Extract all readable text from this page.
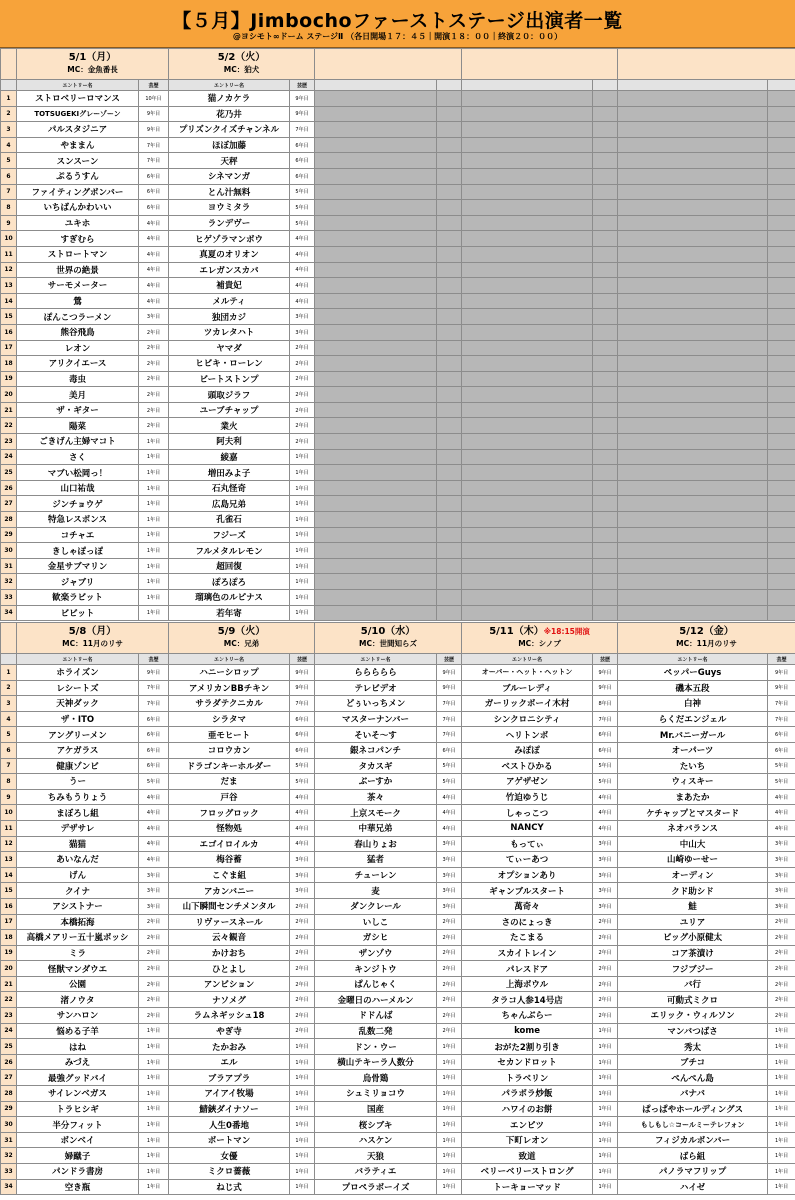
【５月】Jimbochoファーストステージ出演者一覧
@ヨシモト∞ドーム ステージⅡ （各日開場１７：４５｜開演１８：００｜終演２０：００）

	5/1（月）
MC：金魚番長		5/2（火）
MC：狛犬							

	エントリー名	芸歴	エントリー名	芸歴						
1	ストロベリーロマンス	10年目	猫ノカケラ	9年目						
2	TOTSUGEKIグレーゾーン	9年目	花乃井	9年目						
3	パルスタジニア	9年目	プリズンクイズチャンネル	7年目						
4	やままん	7年目	ほぼ加藤	6年目						
5	スンスーン	7年目	天秤	6年目						
6	ぷるうすん	6年目	シネマンガ	6年目						
7	ファイティングボンバー	6年目	とん汁無料	5年目						
8	いちばんかわいい	6年目	ヨウミタラ	5年目						
9	ユキホ	4年目	ランデヴー	5年目						
10	すぎむら	4年目	ヒゲゾラマンボウ	4年目						
11	ストロートマン	4年目	真夏のオリオン	4年目						
12	世界の絶景	4年目	エレガンスカバ	4年目						
13	サーモメーター	4年目	補貴妃	4年目						
14	鶯	4年目	メルティ	4年目						
15	ぽんこつラーメン	3年目	独団カジ	3年目						
16	熊谷飛鳥	2年目	ツカレタハト	3年目						
17	レオン	2年目	ヤマダ	2年目						
18	アリクイエース	2年目	ヒビキ・ローレン	2年目						
19	毒虫	2年目	ビートストンプ	2年目						
20	美月	2年目	頭取ジラフ	2年目						
21	ザ・ギター	2年目	ユーブチャップ	2年目						
22	陽菜	2年目	業火	2年目						
23	ごきげん主婦マコト	1年目	阿夫利	2年目						
24	さく	1年目	綾嘉	1年目						
25	マブい松岡っ！	1年目	増田みよ子	1年目						
26	山口祐哉	1年目	石丸怪奇	1年目						
27	ジンチョウゲ	1年目	広島兄弟	1年目						
28	特急レスポンス	1年目	孔雀石	1年目						
29	コチャエ	1年目	フジーズ	1年目						
30	きしゃぽっぽ	1年目	フルメタルレモン	1年目						
31	金星サブマリン	1年目	超回復	1年目						
32	ジャブリ	1年目	ぽろぽろ	1年目						
33	歓楽ラビット	1年目	瑠璃色のルピナス	1年目						
34	ビビット	1年目	若年寄	1年目						

	5/8（月）
MC：11月のリサ		5/9（火）
MC：兄弟		5/10（水）
MC：世間知らズ		5/11（木）※18:15開演
MC：シノブ		5/12（金）
MC：11月のリサ	

	エントリー名	芸歴	エントリー名	芸歴	エントリー名	芸歴	エントリー名	芸歴	エントリー名	芸歴
1	ホライズン	9年目	ハニーシロップ	9年目	ららららら	9年目	オーバー・ヘット・ヘットン	9年目	ペッパーGuys	9年目
2	レシートズ	7年目	アメリカンBBチキン	9年目	テレビデオ	9年目	ブルーレディ	9年目	磯本五段	9年目
3	天神ダック	7年目	サラダテクニカル	7年目	どぅいっちメン	7年目	ガーリックボーイ木村	8年目	白神	7年目
4	ザ・ITO	6年目	シラタマ	6年目	マスターナンバー	7年目	シンクロニシティ	7年目	らくだエンジェル	7年目
5	アングリーメン	6年目	亜モヒート	6年目	そいそ〜す	7年目	ヘリトンボ	6年目	Mr.バニーガール	6年目
6	アケガラス	6年目	コロウカン	6年目	銀ネコパンチ	6年目	みぽぽ	6年目	オーパーツ	6年目
7	健康ゾンビ	6年目	ドラゴンキーホルダー	5年目	タカスギ	5年目	ベストひかる	5年目	たいち	5年目
8	うー	5年目	だま	5年目	ぶーすか	5年目	アゲザゼン	5年目	ウィスキー	5年目
9	ちみもうりょう	4年目	戸谷	4年目	茶々	4年目	竹迫ゆうじ	4年目	まあたか	4年目
10	まぼろし組	4年目	フロッグロック	4年目	上京スモーク	4年目	しゃっこつ	4年目	ケチャップとマスタード	4年目
11	デザサレ	4年目	怪物処	4年目	中華兄弟	4年目	NANCY	4年目	ネオバランス	4年目
12	猫猫	4年目	エゴイロイルカ	4年目	春山りょお	3年目	もってぃ	3年目	中山大	3年目
13	あいなんだ	4年目	梅谷蓄	3年目	猛者	3年目	てぃーあつ	3年目	山崎ゆーせー	3年目
14	げん	3年目	こぐま組	3年目	チューレン	3年目	オプションあり	3年目	オーディン	3年目
15	クイナ	3年目	アカンバニー	3年目	麦	3年目	ギャンブルスタート	3年目	クド助シド	3年目
16	アシストナー	3年目	山下瞬間センチメンタル	2年目	ダンクレール	3年目	萬奇々	3年目	鮭	3年目
17	本橋拓海	2年目	リヴァースネール	2年目	いしこ	2年目	さのにょっき	2年目	ユリア	2年目
18	高橋メアリー五十嵐ボッシ	2年目	云々観音	2年目	ガシヒ	2年目	たこまる	2年目	ビッグ小原健太	2年目
19	ミラ	2年目	かけおち	2年目	ザンゾウ	2年目	スカイトレイン	2年目	コア茶漬け	2年目
20	怪獣マンダウエ	2年目	ひとよし	2年目	キンジトウ	2年目	パレスドア	2年目	フジブジー	2年目
21	公園	2年目	アンビション	2年目	ぱんじゃく	2年目	上海ボウル	2年目	バ行	2年目
22	渚ノウタ	2年目	ナソメグ	2年目	金曜日のハーメルン	2年目	タラコ人参14号店	2年目	可動式ミクロ	2年目
23	サンハロン	2年目	ラムネギッシュ18	2年目	ドドんば	2年目	ちゃんぶらー	2年目	エリック・ウィルソン	2年目
24	悩める子羊	1年目	やぎ寺	2年目	乱数二発	2年目	kome	1年目	マンバつばさ	1年目
25	はね	1年目	たかおみ	1年目	ドン・ウー	1年目	おがた2割り引き	1年目	秀太	1年目
26	みづえ	1年目	エル	1年目	横山テキーラ人数分	1年目	セカンドロット	1年目	ブチコ	1年目
27	最強グッドバイ	1年目	ブラアプラ	1年目	烏骨鶏	1年目	トラベリン	1年目	ぺんぺん島	1年目
28	サイレンベガス	1年目	アイアイ牧場	1年目	シュミリョコウ	1年目	パラポラ炒飯	1年目	バナバ	1年目
29	トラヒシギ	1年目	鯖鋏ダイナソー	1年目	国産	1年目	ハワイのお餅	1年目	ぱっぱやホールディングス	1年目
30	半分フィット	1年目	人生0番地	1年目	桜シブキ	1年目	エンピツ	1年目	もしもし☆コールミーテレフォン	1年目
31	ボンベイ	1年目	ボートマン	1年目	ハスケン	1年目	下町レオン	1年目	フィジカルボンバー	1年目
32	婦蹴子	1年目	女優	1年目	天狼	1年目	致道	1年目	ばら組	1年目
33	パンドラ書房	1年目	ミクロ薔薇	1年目	バラティエ	1年目	ベリーベリーストロング	1年目	パノラマフリップ	1年目
34	空き瓶	1年目	ねじ式	1年目	プロペラボーイズ	1年目	トーキョーマッド	1年目	ハイゼ	1年目
